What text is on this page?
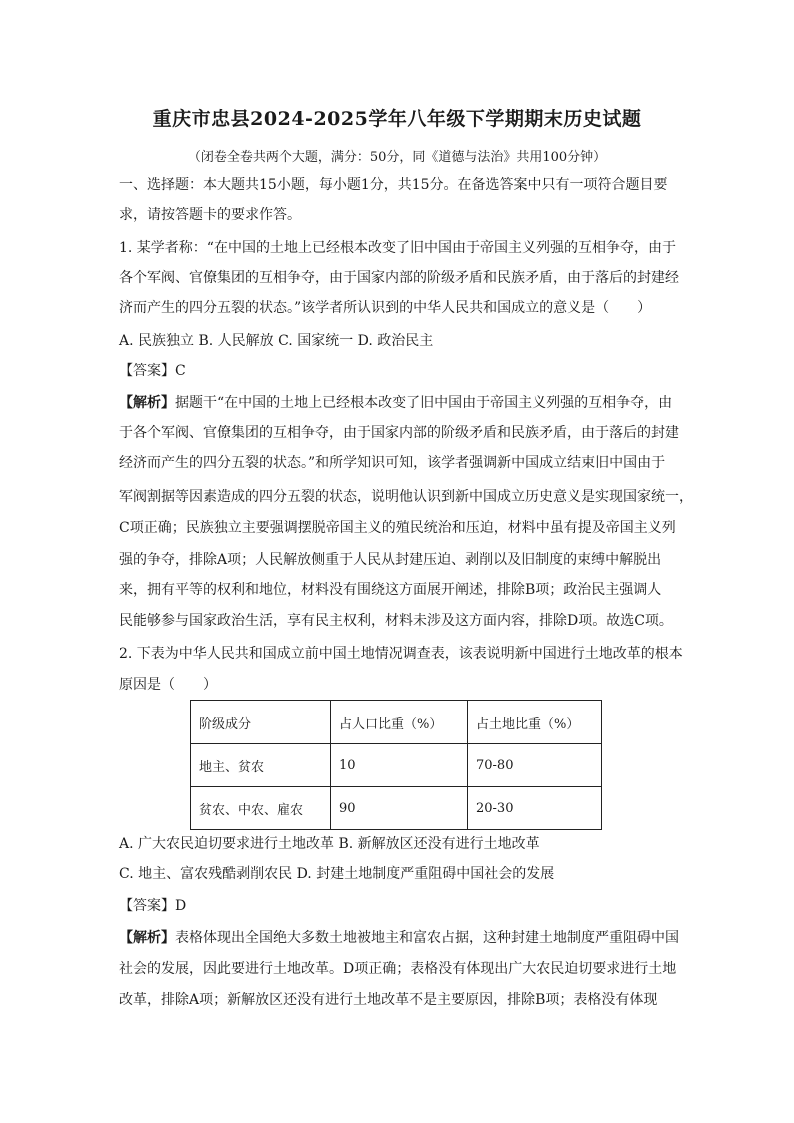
重庆市忠县2024-2025学年八年级下学期期末历史试题
（闭卷全卷共两个大题，满分：50分，同《道德与法治》共用100分钟）
一、选择题：本大题共15小题，每小题1分，共15分。在备选答案中只有一项符合题目要
求，请按答题卡的要求作答。
1. 某学者称：“在中国的土地上已经根本改变了旧中国由于帝国主义列强的互相争夺，由于
各个军阀、官僚集团的互相争夺，由于国家内部的阶级矛盾和民族矛盾，由于落后的封建经
济而产生的四分五裂的状态。”该学者所认识到的中华人民共和国成立的意义是（　　）
A. 民族独立 B. 人民解放 C. 国家统一 D. 政治民主
【答案】C
【解析】据题干“在中国的土地上已经根本改变了旧中国由于帝国主义列强的互相争夺，由
于各个军阀、官僚集团的互相争夺，由于国家内部的阶级矛盾和民族矛盾，由于落后的封建
经济而产生的四分五裂的状态。”和所学知识可知，该学者强调新中国成立结束旧中国由于
军阀割据等因素造成的四分五裂的状态，说明他认识到新中国成立历史意义是实现国家统一，
C项正确；民族独立主要强调摆脱帝国主义的殖民统治和压迫，材料中虽有提及帝国主义列
强的争夺，排除A项；人民解放侧重于人民从封建压迫、剥削以及旧制度的束缚中解脱出
来，拥有平等的权利和地位，材料没有围绕这方面展开阐述，排除B项；政治民主强调人
民能够参与国家政治生活，享有民主权利，材料未涉及这方面内容，排除D项。故选C项。
2. 下表为中华人民共和国成立前中国土地情况调查表，该表说明新中国进行土地改革的根本
原因是（　　）
阶级成分	占人口比重（%）	占土地比重（%）
地主、贫农	10	70-80
贫农、中农、雇农	90	20-30
A. 广大农民迫切要求进行土地改革 B. 新解放区还没有进行土地改革
C. 地主、富农残酷剥削农民 D. 封建土地制度严重阻碍中国社会的发展
【答案】D
【解析】表格体现出全国绝大多数土地被地主和富农占据，这种封建土地制度严重阻碍中国
社会的发展，因此要进行土地改革。D项正确；表格没有体现出广大农民迫切要求进行土地
改革，排除A项；新解放区还没有进行土地改革不是主要原因，排除B项；表格没有体现
